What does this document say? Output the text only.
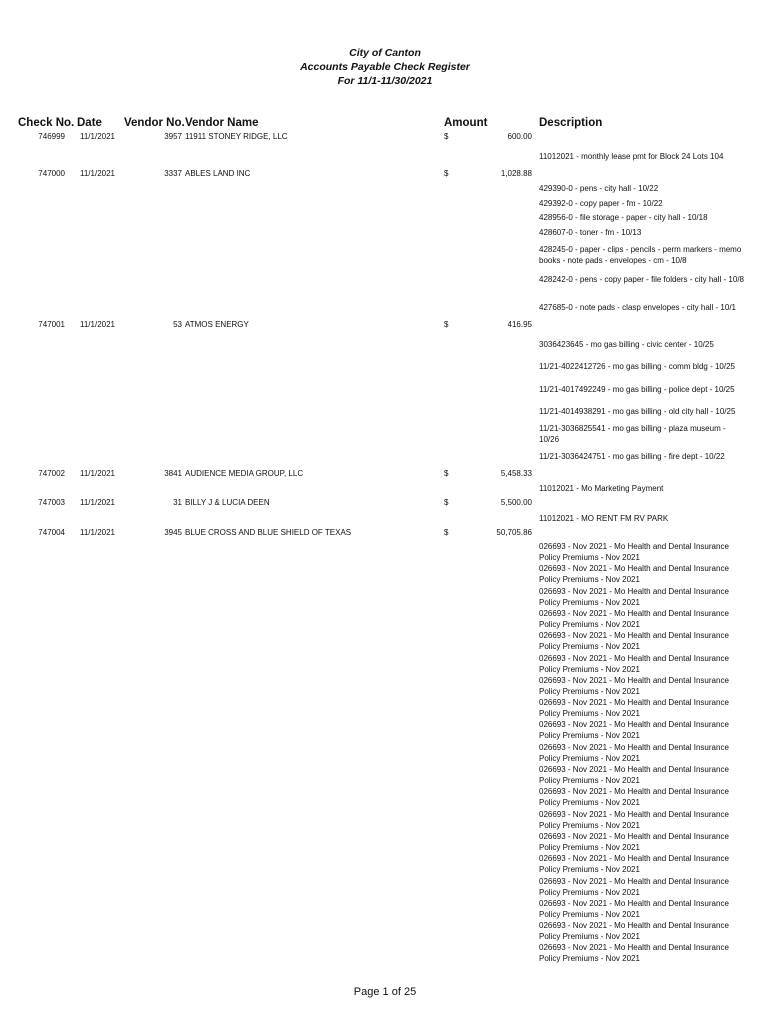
City of Canton
Accounts Payable Check Register
For 11/1-11/30/2021
Check No. Date Vendor No. Vendor Name	Amount	Description
746999 11/1/2021	3957 11911 STONEY RIDGE, LLC	$	600.00
11012021 - monthly lease pmt for Block 24 Lots 104
747000 11/1/2021	3337 ABLES LAND INC	$	1,028.88
429390-0 - pens - city hall - 10/22
429392-0 - copy paper - fm - 10/22
428956-0 - file storage - paper - city hall - 10/18
428607-0 - toner - fm - 10/13
428245-0 - paper - clips - pencils - perm markers - memo books - note pads - envelopes - cm - 10/8
428242-0 - pens - copy paper - file folders - city hall - 10/8
427685-0 - note pads - clasp envelopes - city hall - 10/1
747001 11/1/2021	53 ATMOS ENERGY	$	416.95
3036423645 - mo gas billing - civic center - 10/25
11/21-4022412726 - mo gas billing - comm bldg - 10/25
11/21-4017492249 - mo gas billing - police dept - 10/25
11/21-4014938291 - mo gas billing - old city hall - 10/25
11/21-3036825541 - mo gas billing - plaza museum - 10/26
11/21-3036424751 - mo gas billing - fire dept - 10/22
747002 11/1/2021	3841 AUDIENCE MEDIA GROUP, LLC	$	5,458.33
11012021 - Mo Marketing Payment
747003 11/1/2021	31 BILLY J & LUCIA DEEN	$	5,500.00
11012021 - MO RENT FM RV PARK
747004 11/1/2021	3945 BLUE CROSS AND BLUE SHIELD OF TEXAS	$	50,705.86
026693 - Nov 2021 - Mo Health and Dental Insurance Policy Premiums - Nov 2021
026693 - Nov 2021 - Mo Health and Dental Insurance Policy Premiums - Nov 2021
026693 - Nov 2021 - Mo Health and Dental Insurance Policy Premiums - Nov 2021
026693 - Nov 2021 - Mo Health and Dental Insurance Policy Premiums - Nov 2021
026693 - Nov 2021 - Mo Health and Dental Insurance Policy Premiums - Nov 2021
026693 - Nov 2021 - Mo Health and Dental Insurance Policy Premiums - Nov 2021
026693 - Nov 2021 - Mo Health and Dental Insurance Policy Premiums - Nov 2021
026693 - Nov 2021 - Mo Health and Dental Insurance Policy Premiums - Nov 2021
026693 - Nov 2021 - Mo Health and Dental Insurance Policy Premiums - Nov 2021
026693 - Nov 2021 - Mo Health and Dental Insurance Policy Premiums - Nov 2021
026693 - Nov 2021 - Mo Health and Dental Insurance Policy Premiums - Nov 2021
026693 - Nov 2021 - Mo Health and Dental Insurance Policy Premiums - Nov 2021
026693 - Nov 2021 - Mo Health and Dental Insurance Policy Premiums - Nov 2021
026693 - Nov 2021 - Mo Health and Dental Insurance Policy Premiums - Nov 2021
026693 - Nov 2021 - Mo Health and Dental Insurance Policy Premiums - Nov 2021
026693 - Nov 2021 - Mo Health and Dental Insurance Policy Premiums - Nov 2021
026693 - Nov 2021 - Mo Health and Dental Insurance Policy Premiums - Nov 2021
026693 - Nov 2021 - Mo Health and Dental Insurance Policy Premiums - Nov 2021
026693 - Nov 2021 - Mo Health and Dental Insurance Policy Premiums - Nov 2021
Page 1 of 25
